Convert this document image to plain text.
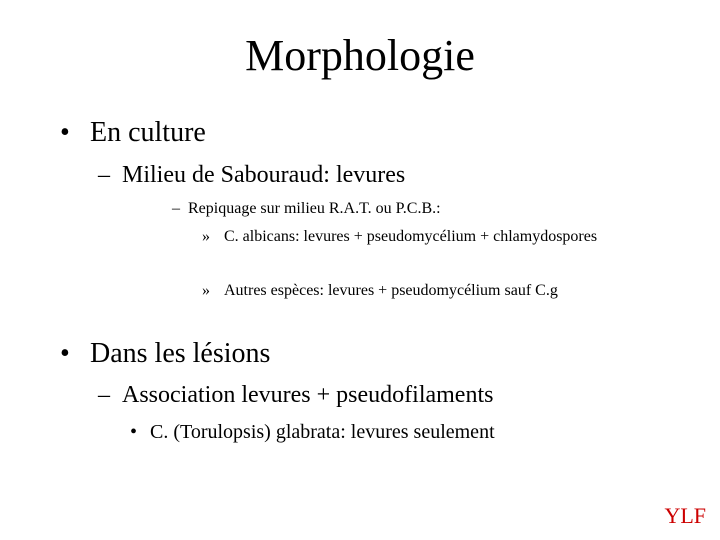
Morphologie
• En culture
– Milieu de Sabouraud: levures
– Repiquage sur milieu R.A.T. ou P.C.B.:
» C. albicans: levures + pseudomycélium + chlamydospores
» Autres espèces: levures + pseudomycélium sauf C.g
• Dans les lésions
– Association levures + pseudofilaments
• C. (Torulopsis) glabrata: levures seulement
YLF
